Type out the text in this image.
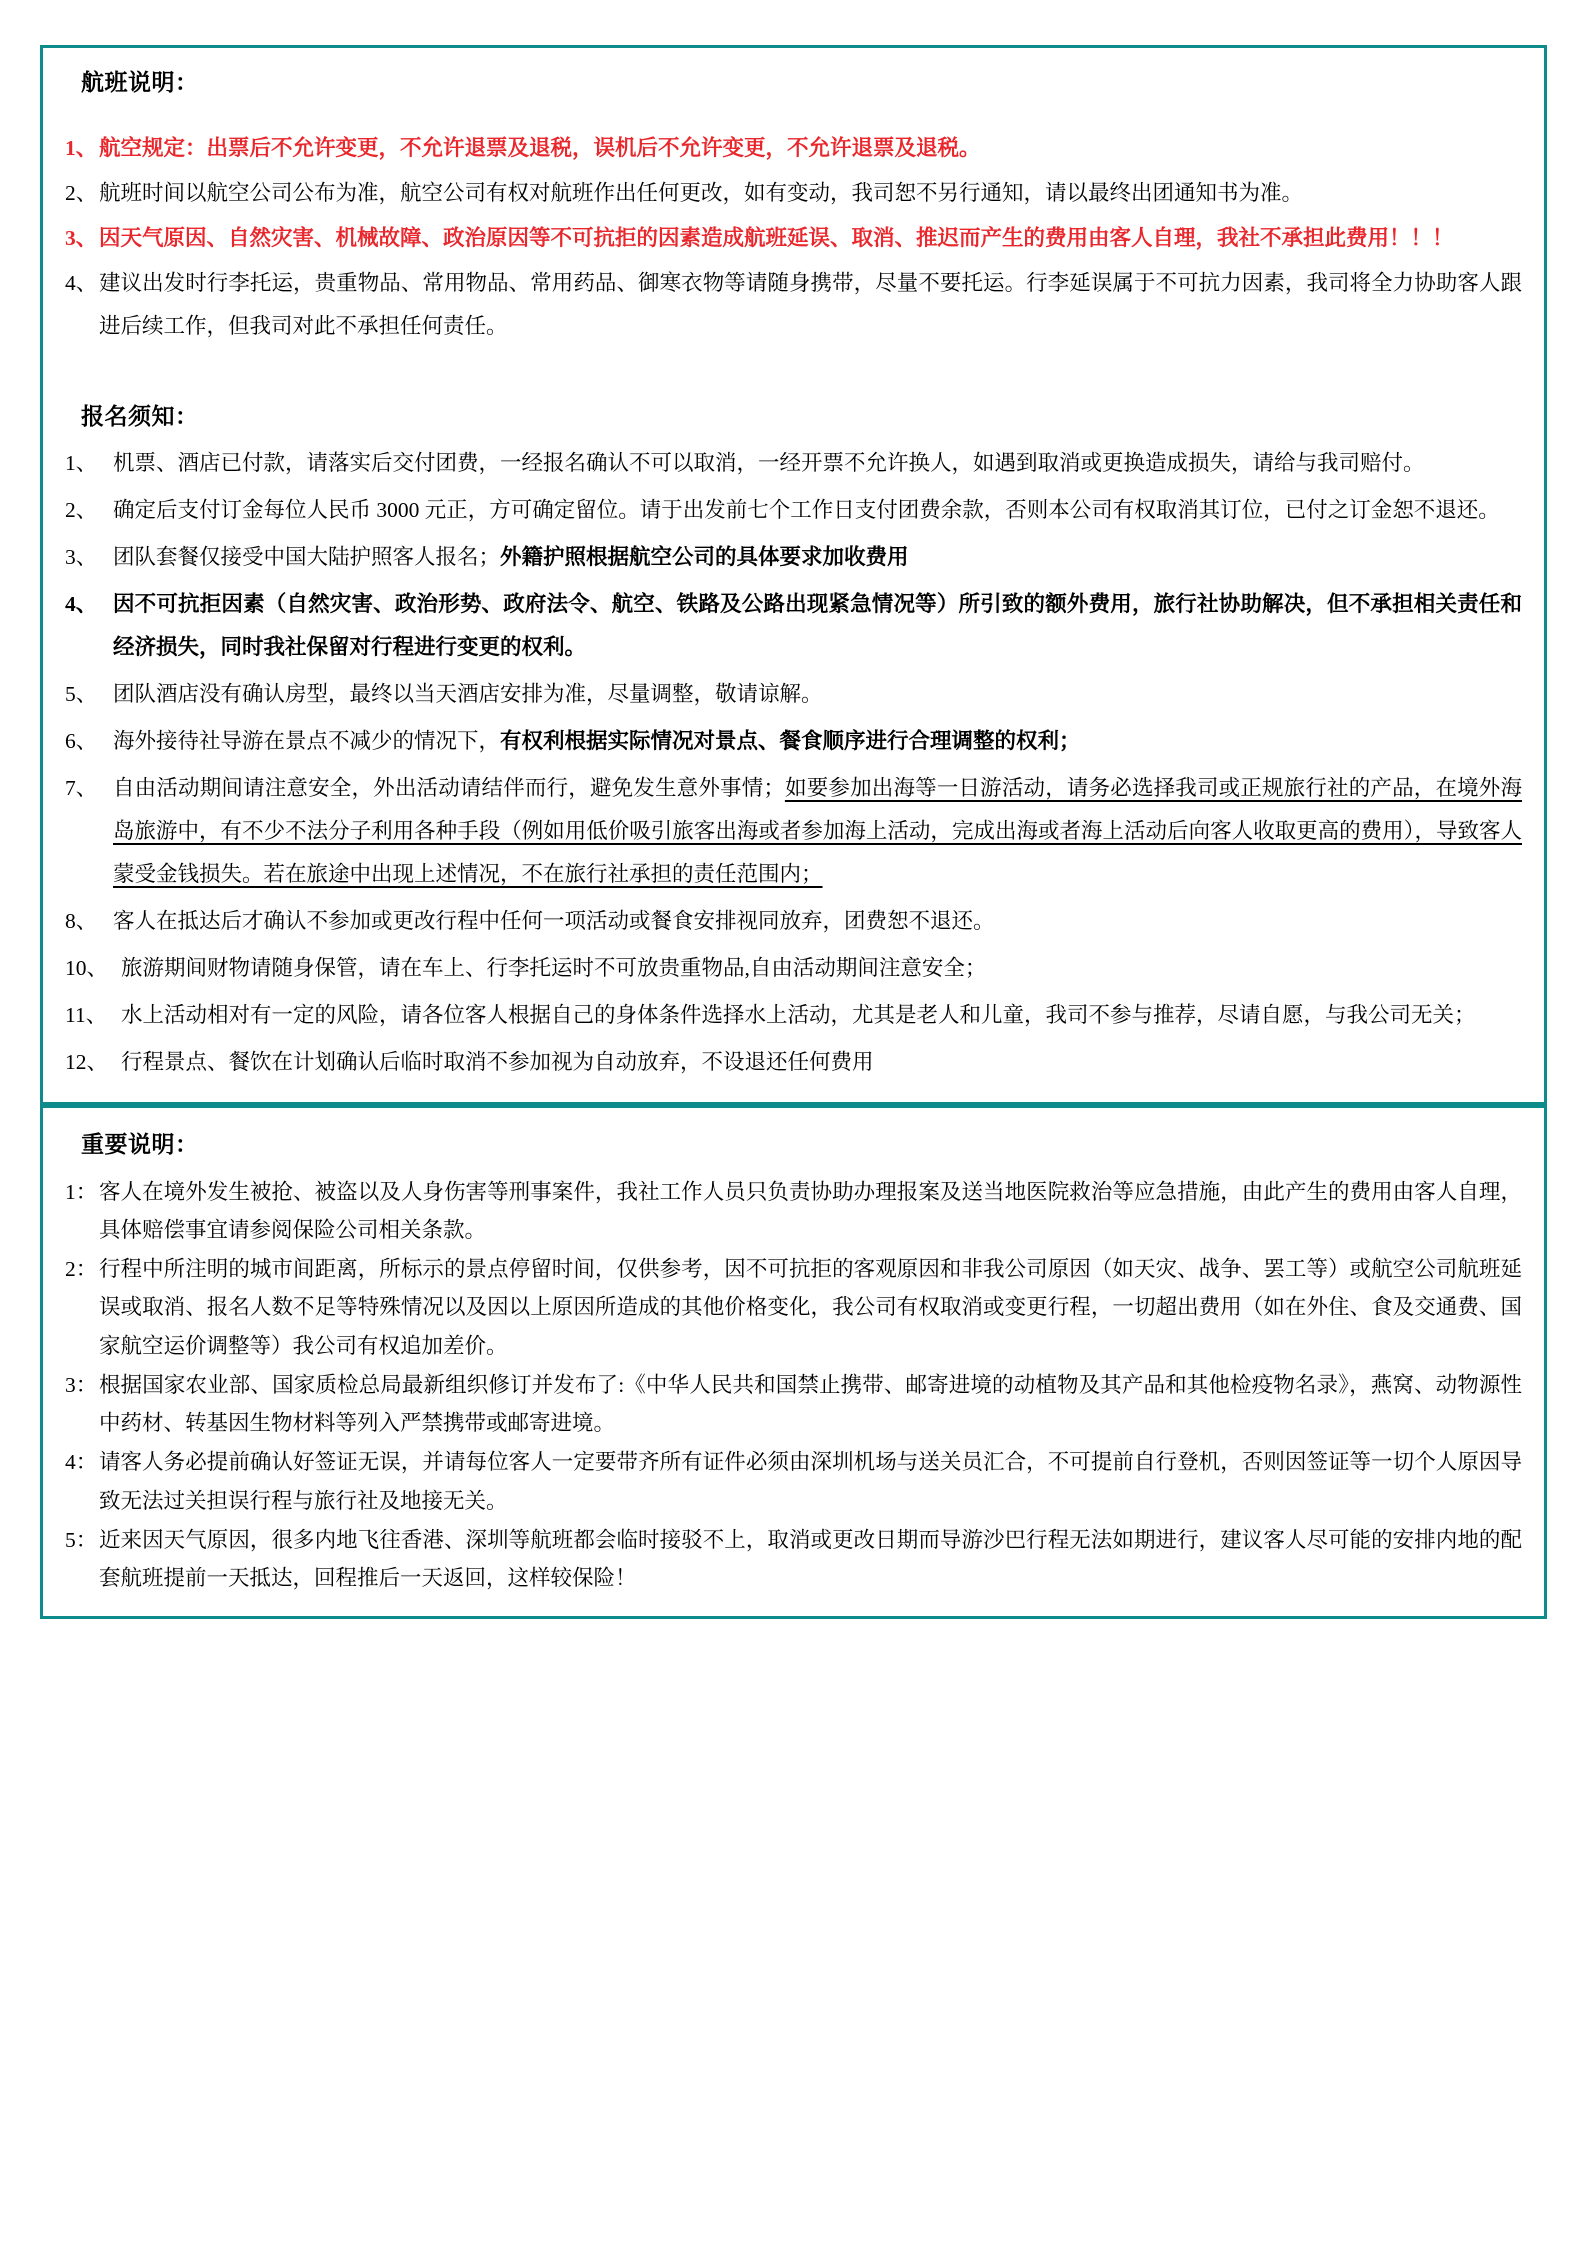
航班说明：
1、 航空规定：出票后不允许变更，不允许退票及退税，误机后不允许变更，不允许退票及退税。
2、 航班时间以航空公司公布为准，航空公司有权对航班作出任何更改，如有变动，我司恕不另行通知，请以最终出团通知书为准。
3、 因天气原因、自然灾害、机械故障、政治原因等不可抗拒的因素造成航班延误、取消、推迟而产生的费用由客人自理，我社不承担此费用！！！
4、 建议出发时行李托运，贵重物品、常用物品、常用药品、御寒衣物等请随身携带，尽量不要托运。行李延误属于不可抗力因素，我司将全力协助客人跟进后续工作，但我司对此不承担任何责任。
报名须知：
1、 机票、酒店已付款，请落实后交付团费，一经报名确认不可以取消，一经开票不允许换人，如遇到取消或更换造成损失，请给与我司赔付。
2、 确定后支付订金每位人民币 3000 元正，方可确定留位。请于出发前七个工作日支付团费余款，否则本公司有权取消其订位，已付之订金恕不退还。
3、 团队套餐仅接受中国大陆护照客人报名；外籍护照根据航空公司的具体要求加收费用
4、 因不可抗拒因素（自然灾害、政治形势、政府法令、航空、铁路及公路出现紧急情况等）所引致的额外费用，旅行社协助解决，但不承担相关责任和经济损失，同时我社保留对行程进行变更的权利。
5、 团队酒店没有确认房型，最终以当天酒店安排为准，尽量调整，敬请谅解。
6、 海外接待社导游在景点不减少的情况下，有权利根据实际情况对景点、餐食顺序进行合理调整的权利；
7、 自由活动期间请注意安全，外出活动请结伴而行，避免发生意外事情；如要参加出海等一日游活动，请务必选择我司或正规旅行社的产品，在境外海岛旅游中，有不少不法分子利用各种手段（例如用低价吸引旅客出海或者参加海上活动，完成出海或者海上活动后向客人收取更高的费用），导致客人蒙受金钱损失。若在旅途中出现上述情况，不在旅行社承担的责任范围内；
8、 客人在抵达后才确认不参加或更改行程中任何一项活动或餐食安排视同放弃，团费恕不退还。
10、 旅游期间财物请随身保管，请在车上、行李托运时不可放贵重物品,自由活动期间注意安全；
11、 水上活动相对有一定的风险，请各位客人根据自己的身体条件选择水上活动，尤其是老人和儿童，我司不参与推荐，尽请自愿，与我公司无关；
12、 行程景点、餐饮在计划确认后临时取消不参加视为自动放弃，不设退还任何费用
重要说明：
1： 客人在境外发生被抢、被盗以及人身伤害等刑事案件，我社工作人员只负责协助办理报案及送当地医院救治等应急措施，由此产生的费用由客人自理，具体赔偿事宜请参阅保险公司相关条款。
2： 行程中所注明的城市间距离，所标示的景点停留时间，仅供参考，因不可抗拒的客观原因和非我公司原因（如天灾、战争、罢工等）或航空公司航班延误或取消、报名人数不足等特殊情况以及因以上原因所造成的其他价格变化，我公司有权取消或变更行程，一切超出费用（如在外住、食及交通费、国家航空运价调整等）我公司有权追加差价。
3： 根据国家农业部、国家质检总局最新组织修订并发布了:《中华人民共和国禁止携带、邮寄进境的动植物及其产品和其他检疫物名录》，燕窝、动物源性中药材、转基因生物材料等列入严禁携带或邮寄进境。
4： 请客人务必提前确认好签证无误，并请每位客人一定要带齐所有证件必须由深圳机场与送关员汇合，不可提前自行登机，否则因签证等一切个人原因导致无法过关担误行程与旅行社及地接无关。
5： 近来因天气原因，很多内地飞往香港、深圳等航班都会临时接驳不上，取消或更改日期而导游沙巴行程无法如期进行，建议客人尽可能的安排内地的配套航班提前一天抵达，回程推后一天返回，这样较保险！
